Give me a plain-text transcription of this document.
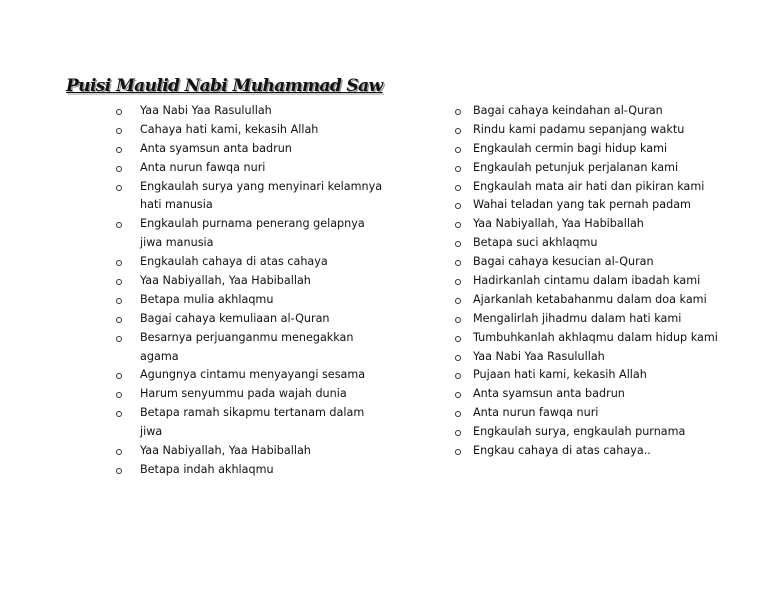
Puisi Maulid Nabi Muhammad Saw
Yaa Nabi Yaa Rasulullah
Cahaya hati kami, kekasih Allah
Anta syamsun anta badrun
Anta nurun fawqa nuri
Engkaulah surya yang menyinari kelamnya
hati manusia
Engkaulah purnama penerang gelapnya
jiwa manusia
Engkaulah cahaya di atas cahaya
Yaa Nabiyallah, Yaa Habiballah
Betapa mulia akhlaqmu
Bagai cahaya kemuliaan al-Quran
Besarnya perjuanganmu menegakkan
agama
Agungnya cintamu menyayangi sesama
Harum senyummu pada wajah dunia
Betapa ramah sikapmu tertanam dalam
jiwa
Yaa Nabiyallah, Yaa Habiballah
Betapa indah akhlaqmu
Bagai cahaya keindahan al-Quran
Rindu kami padamu sepanjang waktu
Engkaulah cermin bagi hidup kami
Engkaulah petunjuk perjalanan kami
Engkaulah mata air hati dan pikiran kami
Wahai teladan yang tak pernah padam
Yaa Nabiyallah, Yaa Habiballah
Betapa suci akhlaqmu
Bagai cahaya kesucian al-Quran
Hadirkanlah cintamu dalam ibadah kami
Ajarkanlah ketabahanmu dalam doa kami
Mengalirlah jihadmu dalam hati kami
Tumbuhkanlah akhlaqmu dalam hidup kami
Yaa Nabi Yaa Rasulullah
Pujaan hati kami, kekasih Allah
Anta syamsun anta badrun
Anta nurun fawqa nuri
Engkaulah surya, engkaulah purnama
Engkau cahaya di atas cahaya..
